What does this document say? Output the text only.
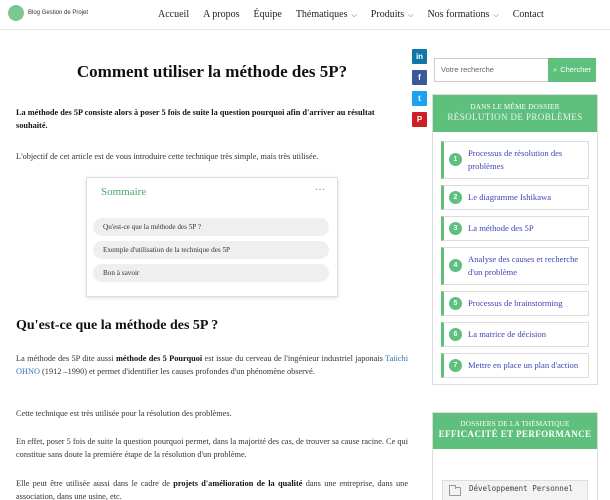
Blog Gestion de Projet	Accueil A propos Équipe Thématiques ⌵ Produits ⌵ Nos formations ⌵ Contact
Comment utiliser la méthode des 5P?

La méthode des 5P consiste alors à poser 5 fois de suite la question pourquoi afin d'arriver au résultat souhaité.

L'objectif de cet article est de vous introduire cette technique très simple, mais très utilisée.

Sommaire	···
Qu'est-ce que la méthode des 5P ?
Exemple d'utilisation de la technique des 5P
Bon à savoir
Qu'est-ce que la méthode des 5P ?

La méthode des 5P dite aussi méthode des 5 Pourquoi est issue du cerveau de l'ingénieur industriel japonais Taiichi OHNO (1912 –1990) et permet d'identifier les causes profondes d'un phénomène observé.

Cette technique est très utilisée pour la résolution des problèmes.

En effet, poser 5 fois de suite la question pourquoi permet, dans la majorité des cas, de trouver sa cause racine. Ce qui constitue sans doute la première étape de la résolution d'un problème.

Elle peut être utilisée aussi dans le cadre de projets d'amélioration de la qualité dans une entreprise, dans une association, dans une usine, etc.

in
f
t
P
Votre recherche	⌕ Chercher
DANS LE MÊME DOSSIER
RÉSOLUTION DE PROBLÈMES
1
Processus de résolution des problèmes
2	Le diagramme Ishikawa
3	La méthode des 5P
4
Analyse des causes et recherche d'un problème
5	Processus de brainstorming
6	La matrice de décision
7	Mettre en place un plan d'action
DOSSIERS DE LA THÉMATIQUE
EFFICACITÉ ET PERFORMANCE
Développement Personnel
